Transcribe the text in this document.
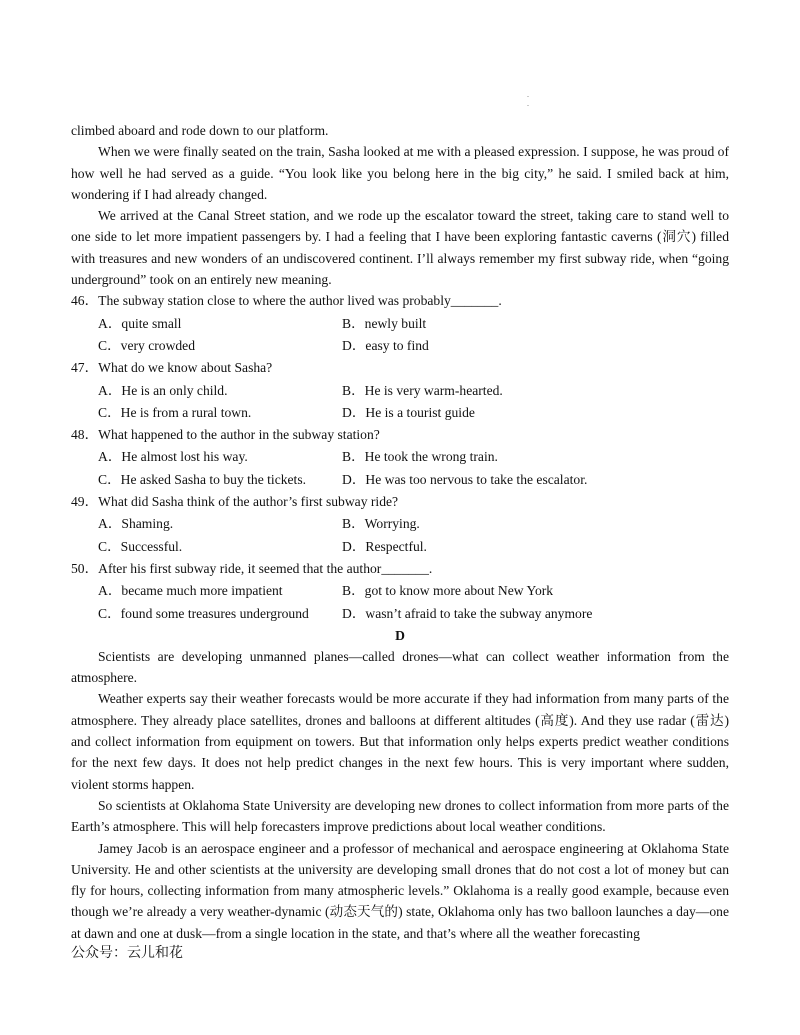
.
.

climbed aboard and rode down to our platform.

When we were finally seated on the train, Sasha looked at me with a pleased expression. I suppose, he was proud of how well he had served as a guide. “You look like you belong here in the big city,” he said. I smiled back at him, wondering if I had already changed.

We arrived at the Canal Street station, and we rode up the escalator toward the street, taking care to stand well to one side to let more impatient passengers by. I had a feeling that I have been exploring fantastic caverns (洞穴) filled with treasures and new wonders of an undiscovered continent. I’ll always remember my first subway ride, when “going underground” took on an entirely new meaning.

46．The subway station close to where the author lived was probably_______.

A．quite small	B．newly built
C．very crowded	D．easy to find

47．What do we know about Sasha?

A．He is an only child.	B．He is very warm-hearted.
C．He is from a rural town.	D．He is a tourist guide

48．What happened to the author in the subway station?

A．He almost lost his way.	B．He took the wrong train.
C．He asked Sasha to buy the tickets.	D．He was too nervous to take the escalator.

49．What did Sasha think of the author’s first subway ride?

A．Shaming.	B．Worrying.
C．Successful.	D．Respectful.

50．After his first subway ride, it seemed that the author_______.

A．became much more impatient	B．got to know more about New York
C．found some treasures underground	D．wasn’t afraid to take the subway anymore

D

Scientists are developing unmanned planes—called drones—what can collect weather information from the atmosphere.

Weather experts say their weather forecasts would be more accurate if they had information from many parts of the atmosphere. They already place satellites, drones and balloons at different altitudes (高度). And they use radar (雷达) and collect information from equipment on towers. But that information only helps experts predict weather conditions for the next few days. It does not help predict changes in the next few hours. This is very important where sudden, violent storms happen.

So scientists at Oklahoma State University are developing new drones to collect information from more parts of the Earth’s atmosphere. This will help forecasters improve predictions about local weather conditions.

Jamey Jacob is an aerospace engineer and a professor of mechanical and aerospace engineering at Oklahoma State University. He and other scientists at the university are developing small drones that do not cost a lot of money but can fly for hours, collecting information from many atmospheric levels.” Oklahoma is a really good example, because even though we’re already a very weather-dynamic (动态天气的) state, Oklahoma only has two balloon launches a day—one at dawn and one at dusk—from a single location in the state, and that’s where all the weather forecasting

公众号：云儿和花
